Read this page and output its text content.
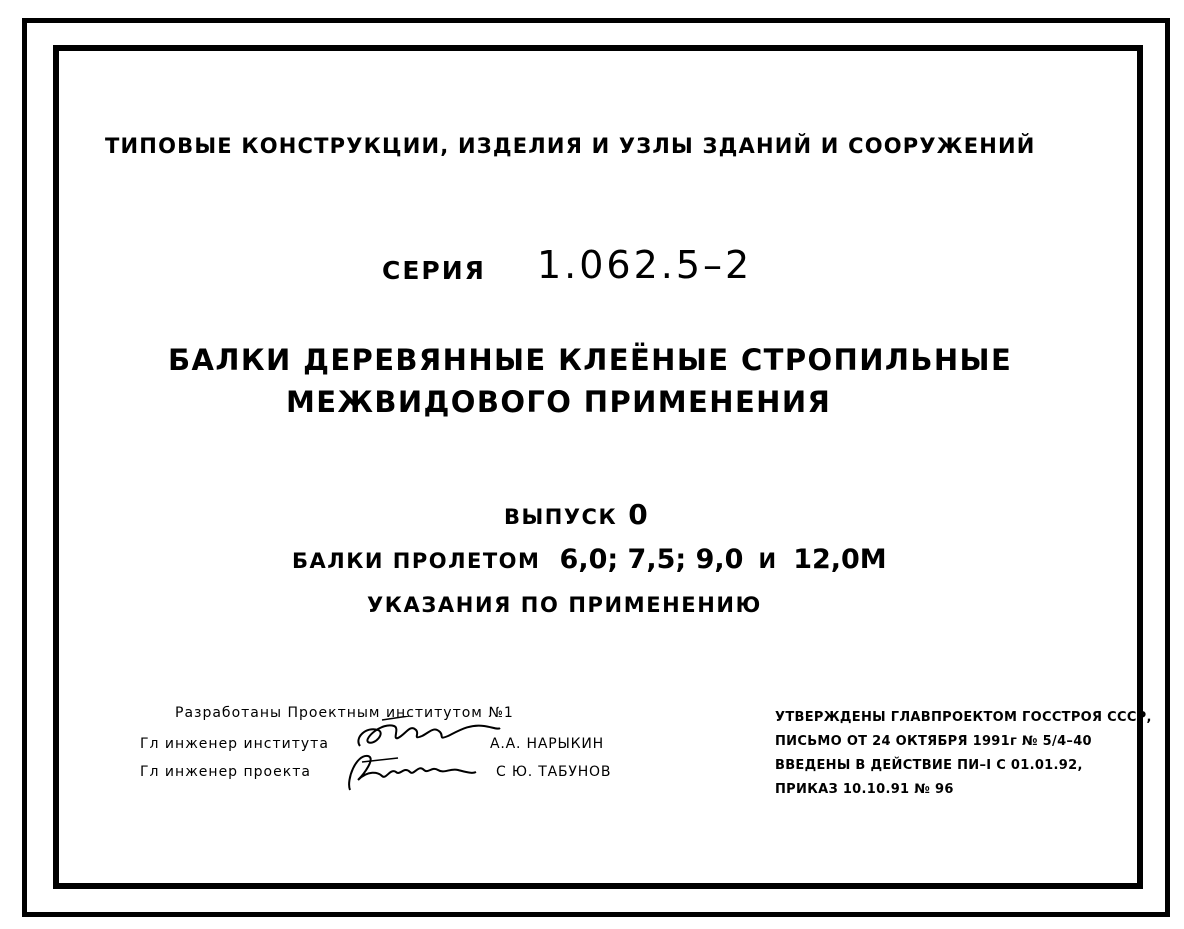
ТИПОВЫЕ КОНСТРУКЦИИ, ИЗДЕЛИЯ И УЗЛЫ ЗДАНИЙ И СООРУЖЕНИЙ
СЕРИЯ 1.062.5–2
БАЛКИ ДЕРЕВЯННЫЕ КЛЕЁНЫЕ СТРОПИЛЬНЫЕ
МЕЖВИДОВОГО ПРИМЕНЕНИЯ
ВЫПУСК 0
БАЛКИ ПРОЛЕТОМ 6,0; 7,5; 9,0 И 12,0М
УКАЗАНИЯ ПО ПРИМЕНЕНИЮ
Разработаны Проектным институтом №1
Гл инженер института
Гл инженер проекта
А.А. НАРЫКИН
С Ю. ТАБУНОВ
УТВЕРЖДЕНЫ ГЛАВПРОЕКТОМ ГОССТРОЯ СССР,
ПИСЬМО ОТ 24 ОКТЯБРЯ 1991г № 5/4–40
ВВЕДЕНЫ В ДЕЙСТВИЕ ПИ–I С 01.01.92,
ПРИКАЗ 10.10.91 № 96
